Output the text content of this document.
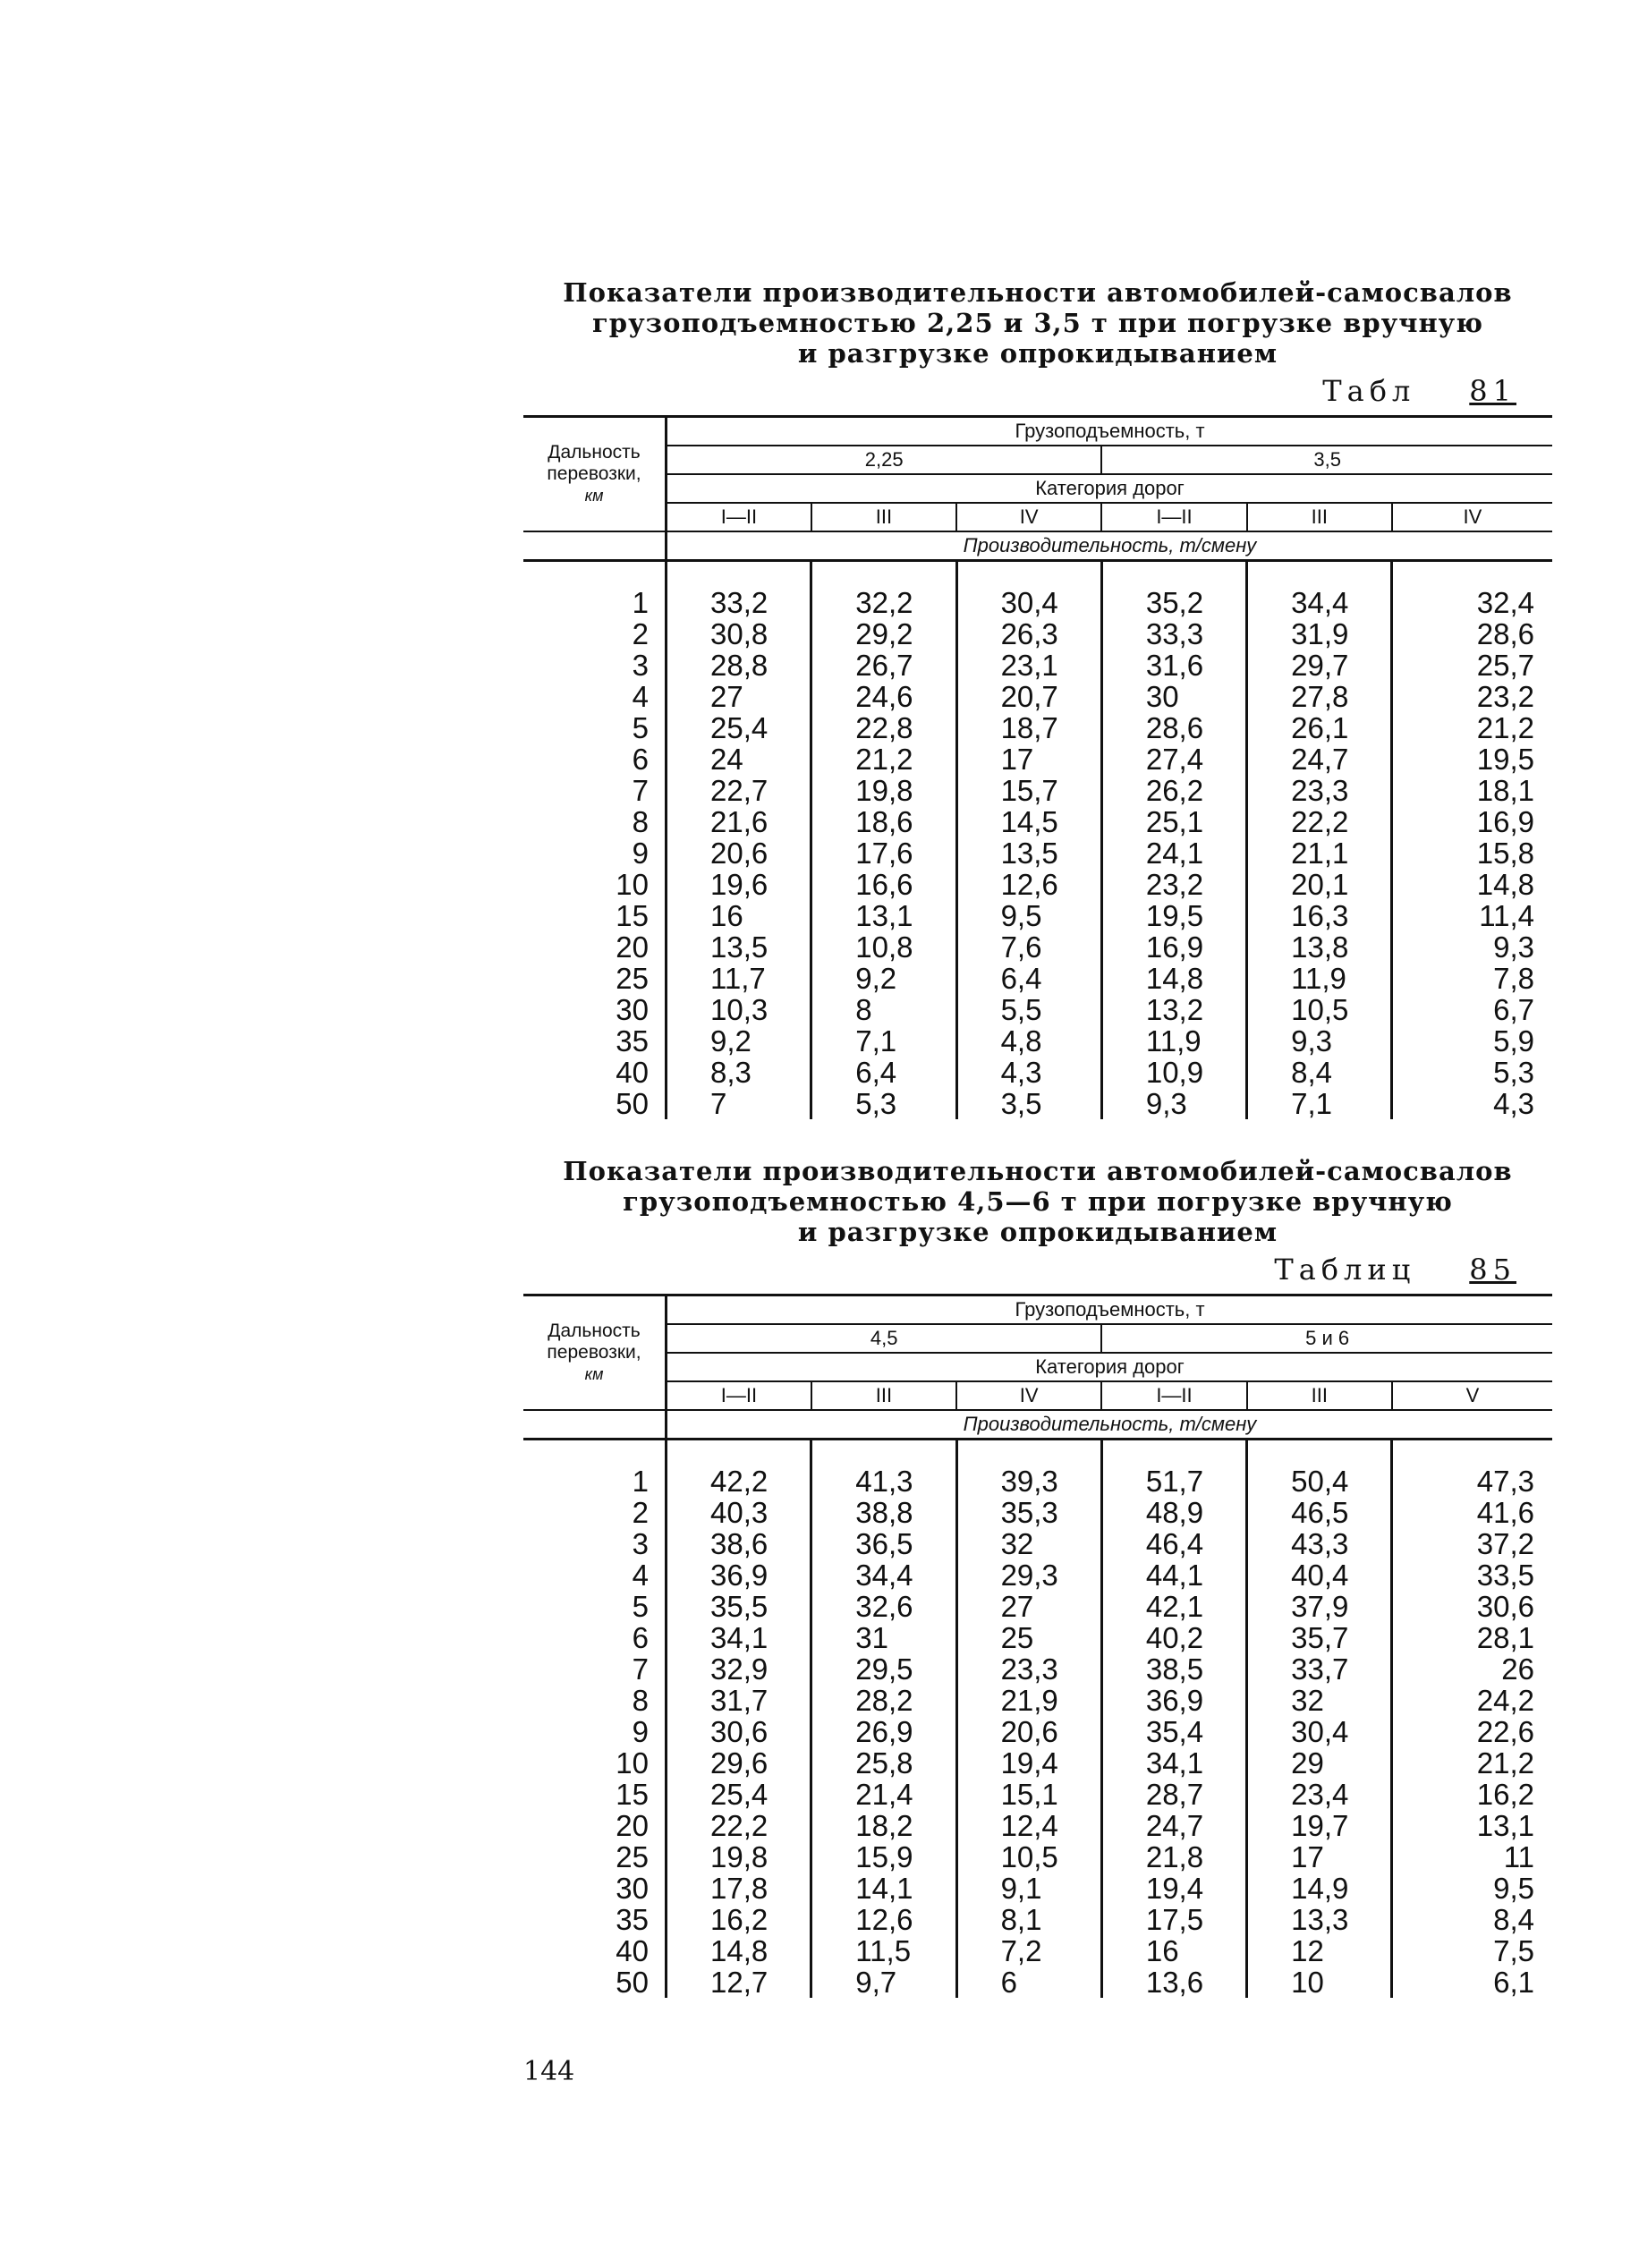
Показатели производительности автомобилей-самосвалов
грузоподъемностью 2,25 и 3,5 т при погрузке вручную
и разгрузке опрокидыванием
Табл 81
Дальность
перевозки,
км	Грузоподъемность, т					
	2,25			3,5		
	Категория дорог					
	I—II	III	IV	I—II	III	IV
	Производительность, т/смену					

1	33,2	32,2	30,4	35,2	34,4	32,4
2	30,8	29,2	26,3	33,3	31,9	28,6
3	28,8	26,7	23,1	31,6	29,7	25,7
4	27	24,6	20,7	30	27,8	23,2
5	25,4	22,8	18,7	28,6	26,1	21,2
6	24	21,2	17	27,4	24,7	19,5
7	22,7	19,8	15,7	26,2	23,3	18,1
8	21,6	18,6	14,5	25,1	22,2	16,9
9	20,6	17,6	13,5	24,1	21,1	15,8
10	19,6	16,6	12,6	23,2	20,1	14,8
15	16	13,1	9,5	19,5	16,3	11,4
20	13,5	10,8	7,6	16,9	13,8	9,3
25	11,7	9,2	6,4	14,8	11,9	7,8
30	10,3	8	5,5	13,2	10,5	6,7
35	9,2	7,1	4,8	11,9	9,3	5,9
40	8,3	6,4	4,3	10,9	8,4	5,3
50	7	5,3	3,5	9,3	7,1	4,3
Показатели производительности автомобилей-самосвалов
грузоподъемностью 4,5—6 т при погрузке вручную
и разгрузке опрокидыванием
Таблиц 85
Дальность
перевозки,
км	Грузоподъемность, т					
	4,5			5 и 6		
	Категория дорог					
	I—II	III	IV	I—II	III	V
	Производительность, т/смену					

1	42,2	41,3	39,3	51,7	50,4	47,3
2	40,3	38,8	35,3	48,9	46,5	41,6
3	38,6	36,5	32	46,4	43,3	37,2
4	36,9	34,4	29,3	44,1	40,4	33,5
5	35,5	32,6	27	42,1	37,9	30,6
6	34,1	31	25	40,2	35,7	28,1
7	32,9	29,5	23,3	38,5	33,7	26
8	31,7	28,2	21,9	36,9	32	24,2
9	30,6	26,9	20,6	35,4	30,4	22,6
10	29,6	25,8	19,4	34,1	29	21,2
15	25,4	21,4	15,1	28,7	23,4	16,2
20	22,2	18,2	12,4	24,7	19,7	13,1
25	19,8	15,9	10,5	21,8	17	11
30	17,8	14,1	9,1	19,4	14,9	9,5
35	16,2	12,6	8,1	17,5	13,3	8,4
40	14,8	11,5	7,2	16	12	7,5
50	12,7	9,7	6	13,6	10	6,1
144
